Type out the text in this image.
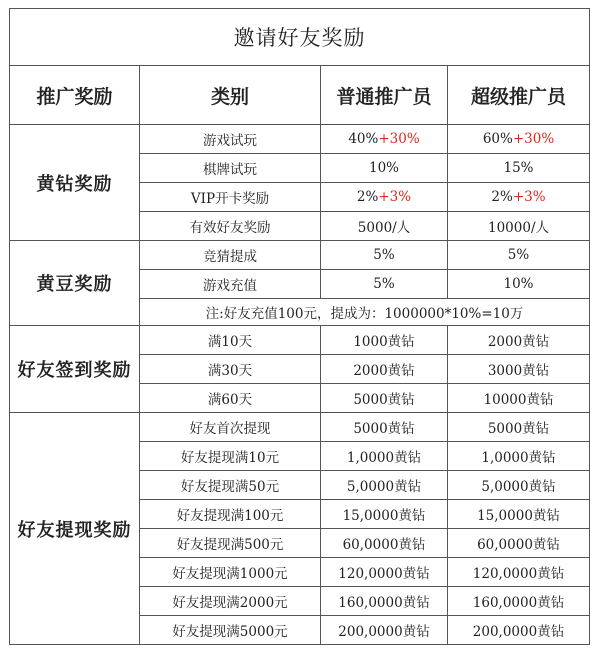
邀请好友奖励			
推广奖励	类别	普通推广员	超级推广员
黄钻奖励	游戏试玩	40%+30%	60%+30%
	棋牌试玩	10%	15%
	VIP开卡奖励	2%+3%	2%+3%
	有效好友奖励	5000/人	10000/人
黄豆奖励	竞猜提成	5%	5%
	游戏充值	5%	10%
	注:好友充值100元，提成为：1000000*10%=10万		
好友签到奖励	满10天	1000黄钻	2000黄钻
	满30天	2000黄钻	3000黄钻
	满60天	5000黄钻	10000黄钻
好友提现奖励	好友首次提现	5000黄钻	5000黄钻
	好友提现满10元	1,0000黄钻	1,0000黄钻
	好友提现满50元	5,0000黄钻	5,0000黄钻
	好友提现满100元	15,0000黄钻	15,0000黄钻
	好友提现满500元	60,0000黄钻	60,0000黄钻
	好友提现满1000元	120,0000黄钻	120,0000黄钻
	好友提现满2000元	160,0000黄钻	160,0000黄钻
	好友提现满5000元	200,0000黄钻	200,0000黄钻
